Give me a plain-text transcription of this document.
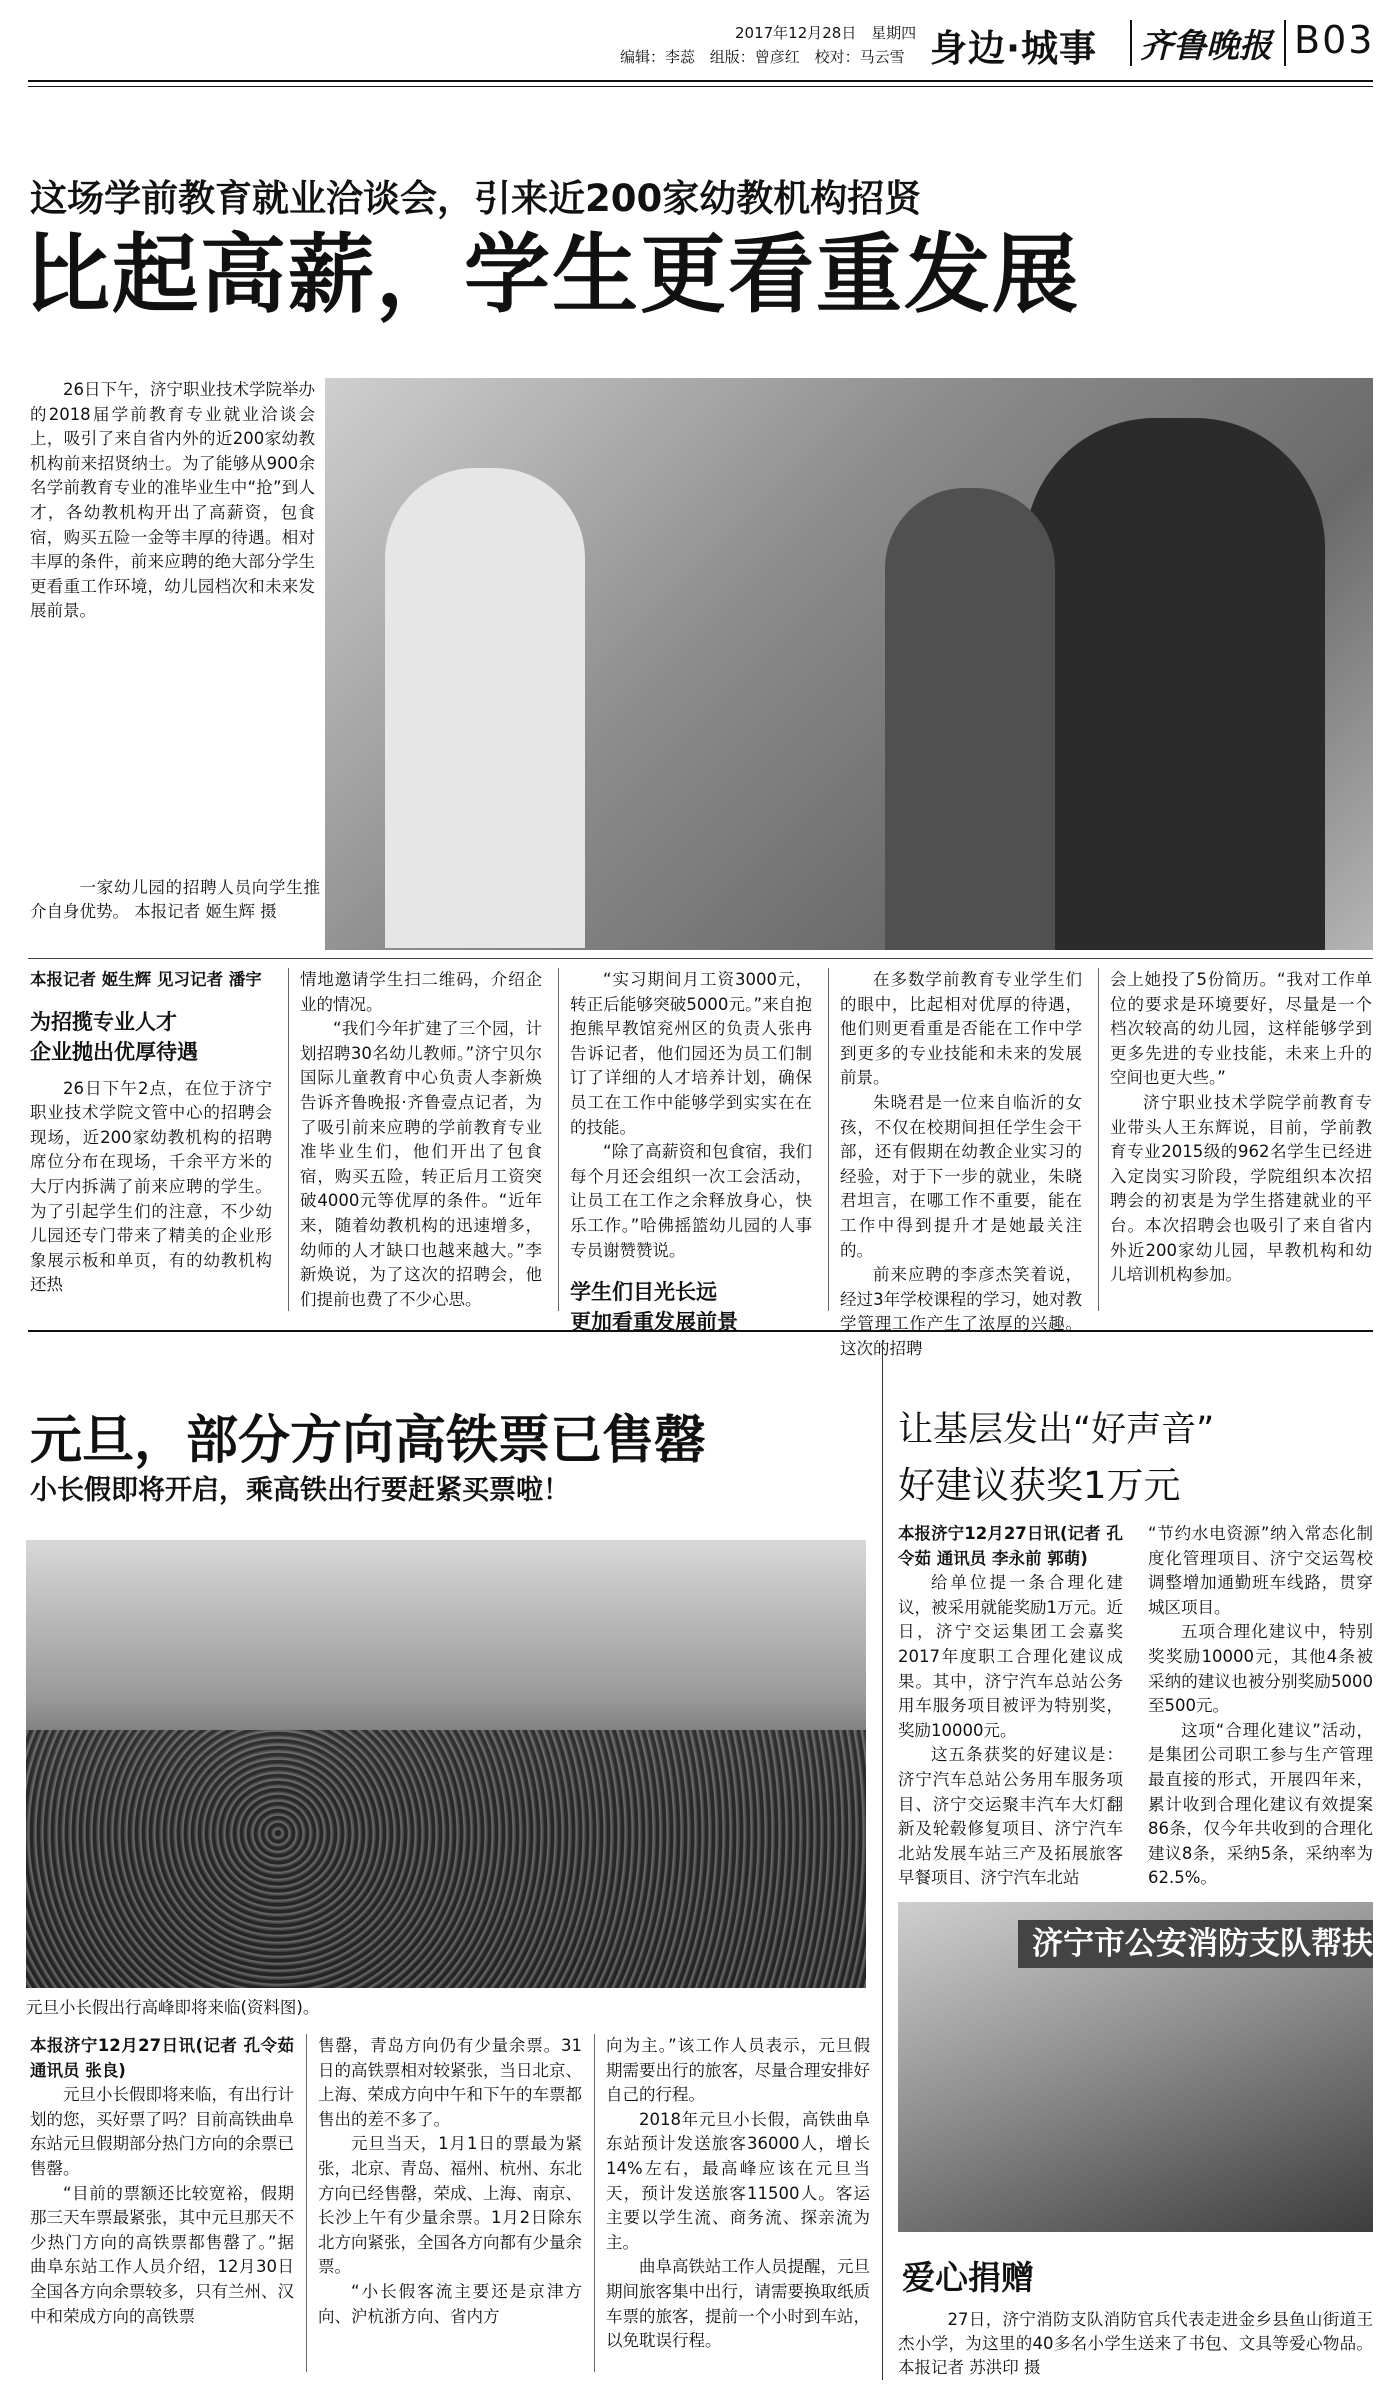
2017年12月28日 星期四
编辑：李蕊 组版：曾彦红 校对：马云雪 身边·城事 齐鲁晚报 B03
这场学前教育就业洽谈会，引来近200家幼教机构招贤
比起高薪，学生更看重发展

26日下午，济宁职业技术学院举办的2018届学前教育专业就业洽谈会上，吸引了来自省内外的近200家幼教机构前来招贤纳士。为了能够从900余名学前教育专业的准毕业生中“抢”到人才，各幼教机构开出了高薪资，包食宿，购买五险一金等丰厚的待遇。相对丰厚的条件，前来应聘的绝大部分学生更看重工作环境，幼儿园档次和未来发展前景。

一家幼儿园的招聘人员向学生推介自身优势。 本报记者 姬生辉 摄

本报记者 姬生辉 见习记者 潘宇

为招揽专业人才
企业抛出优厚待遇

26日下午2点，在位于济宁职业技术学院文管中心的招聘会现场，近200家幼教机构的招聘席位分布在现场，千余平方米的大厅内拆满了前来应聘的学生。为了引起学生们的注意，不少幼儿园还专门带来了精美的企业形象展示板和单页，有的幼教机构还热

情地邀请学生扫二维码，介绍企业的情况。

“我们今年扩建了三个园，计划招聘30名幼儿教师。”济宁贝尔国际儿童教育中心负责人李新焕告诉齐鲁晚报·齐鲁壹点记者，为了吸引前来应聘的学前教育专业准毕业生们，他们开出了包食宿，购买五险，转正后月工资突破4000元等优厚的条件。“近年来，随着幼教机构的迅速增多，幼师的人才缺口也越来越大。”李新焕说，为了这次的招聘会，他们提前也费了不少心思。

“实习期间月工资3000元，转正后能够突破5000元。”来自抱抱熊早教馆兖州区的负责人张冉告诉记者，他们园还为员工们制订了详细的人才培养计划，确保员工在工作中能够学到实实在在的技能。

“除了高薪资和包食宿，我们每个月还会组织一次工会活动，让员工在工作之余释放身心，快乐工作。”哈佛摇篮幼儿园的人事专员谢赞赞说。

学生们目光长远
更加看重发展前景

在多数学前教育专业学生们的眼中，比起相对优厚的待遇，他们则更看重是否能在工作中学到更多的专业技能和未来的发展前景。

朱晓君是一位来自临沂的女孩，不仅在校期间担任学生会干部，还有假期在幼教企业实习的经验，对于下一步的就业，朱晓君坦言，在哪工作不重要，能在工作中得到提升才是她最关注的。

前来应聘的李彦杰笑着说，经过3年学校课程的学习，她对教学管理工作产生了浓厚的兴趣。这次的招聘

会上她投了5份简历。“我对工作单位的要求是环境要好，尽量是一个档次较高的幼儿园，这样能够学到更多先进的专业技能，未来上升的空间也更大些。”

济宁职业技术学院学前教育专业带头人王东辉说，目前，学前教育专业2015级的962名学生已经进入定岗实习阶段，学院组织本次招聘会的初衷是为学生搭建就业的平台。本次招聘会也吸引了来自省内外近200家幼儿园，早教机构和幼儿培训机构参加。

元旦，部分方向高铁票已售罄
小长假即将开启，乘高铁出行要赶紧买票啦！
元旦小长假出行高峰即将来临(资料图)。

本报济宁12月27日讯(记者 孔令茹 通讯员 张良)

元旦小长假即将来临，有出行计划的您，买好票了吗？目前高铁曲阜东站元旦假期部分热门方向的余票已售罄。

“目前的票额还比较宽裕，假期那三天车票最紧张，其中元旦那天不少热门方向的高铁票都售罄了。”据曲阜东站工作人员介绍，12月30日全国各方向余票较多，只有兰州、汉中和荣成方向的高铁票

售罄，青岛方向仍有少量余票。31日的高铁票相对较紧张，当日北京、上海、荣成方向中午和下午的车票都售出的差不多了。

元旦当天，1月1日的票最为紧张，北京、青岛、福州、杭州、东北方向已经售罄，荣成、上海、南京、长沙上午有少量余票。1月2日除东北方向紧张，全国各方向都有少量余票。

“小长假客流主要还是京津方向、沪杭浙方向、省内方

向为主。”该工作人员表示，元旦假期需要出行的旅客，尽量合理安排好自己的行程。

2018年元旦小长假，高铁曲阜东站预计发送旅客36000人，增长14%左右，最高峰应该在元旦当天，预计发送旅客11500人。客运主要以学生流、商务流、探亲流为主。

曲阜高铁站工作人员提醒，元旦期间旅客集中出行，请需要换取纸质车票的旅客，提前一个小时到车站，以免耽误行程。

让基层发出“好声音”
好建议获奖1万元

本报济宁12月27日讯(记者 孔令茹 通讯员 李永前 郭萌)

给单位提一条合理化建议，被采用就能奖励1万元。近日，济宁交运集团工会嘉奖2017年度职工合理化建议成果。其中，济宁汽车总站公务用车服务项目被评为特别奖，奖励10000元。

这五条获奖的好建议是：济宁汽车总站公务用车服务项目、济宁交运聚丰汽车大灯翻新及轮毂修复项目、济宁汽车北站发展车站三产及拓展旅客早餐项目、济宁汽车北站

“节约水电资源”纳入常态化制度化管理项目、济宁交运驾校调整增加通勤班车线路，贯穿城区项目。

五项合理化建议中，特别奖奖励10000元，其他4条被采纳的建议也被分别奖励5000至500元。

这项“合理化建议”活动，是集团公司职工参与生产管理最直接的形式，开展四年来，累计收到合理化建议有效提案86条，仅今年共收到的合理化建议8条，采纳5条，采纳率为62.5%。

济宁市公安消防支队帮扶
爱心捐赠

27日，济宁消防支队消防官兵代表走进金乡县鱼山街道王杰小学，为这里的40多名小学生送来了书包、文具等爱心物品。 本报记者 苏洪印 摄
